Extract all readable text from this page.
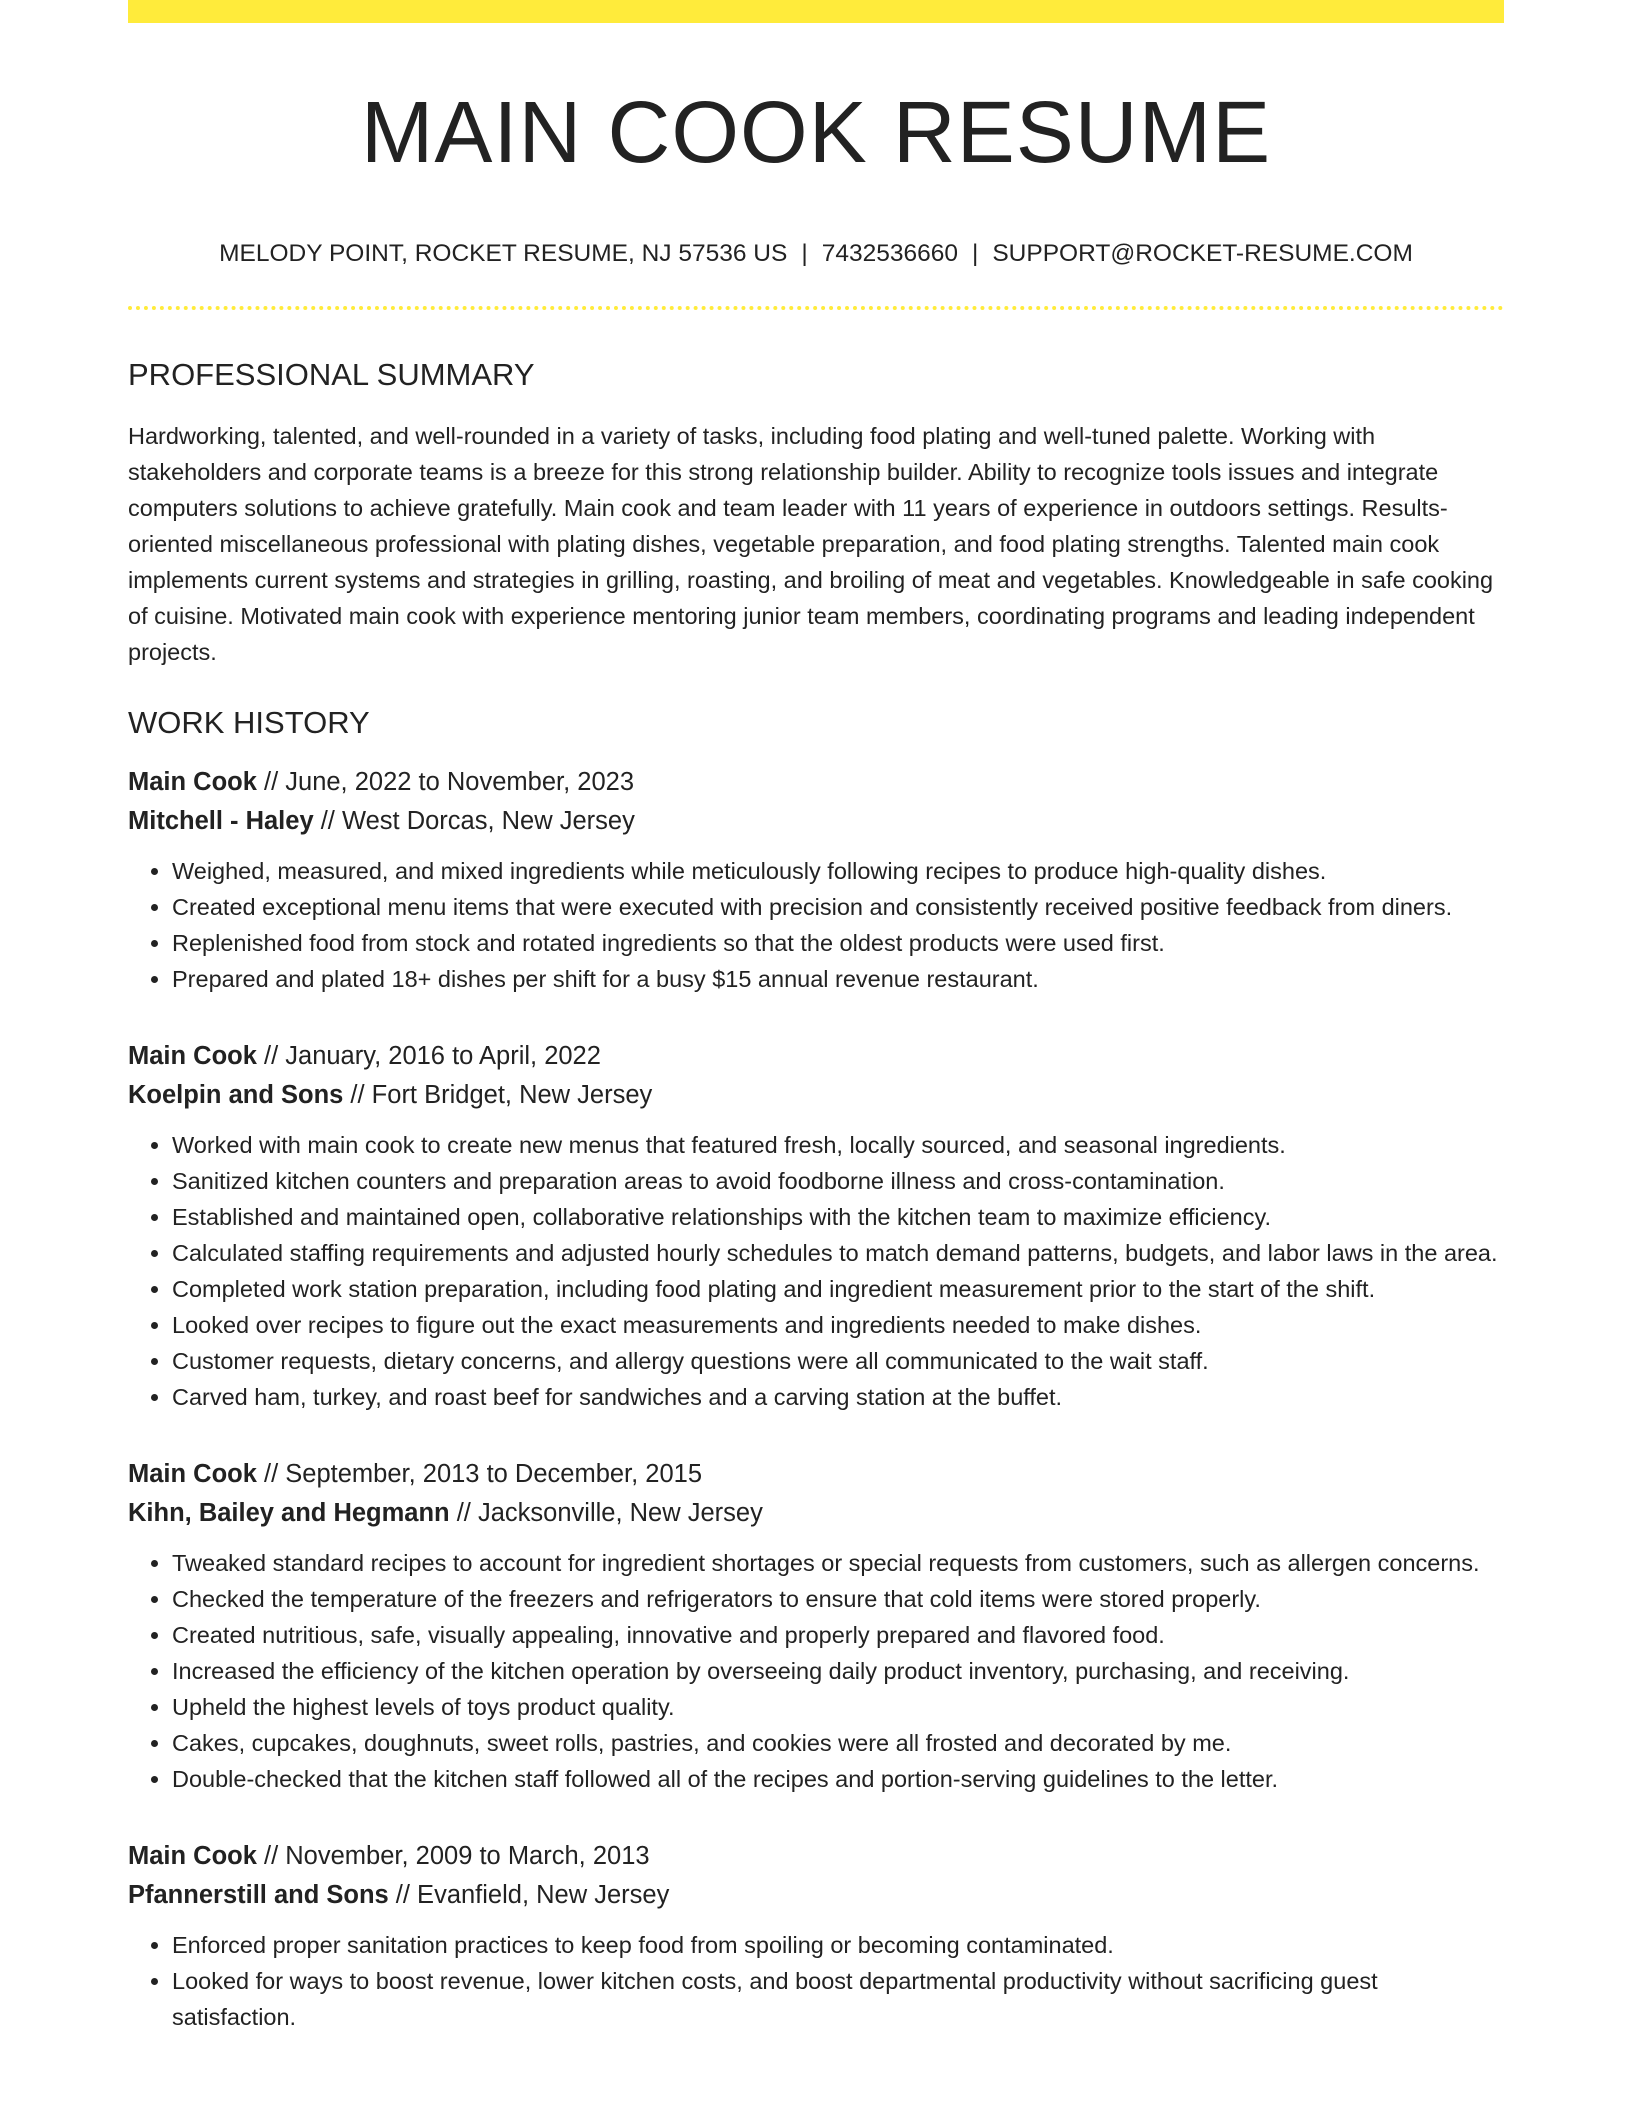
MAIN COOK RESUME
MELODY POINT, ROCKET RESUME, NJ 57536 US | 7432536660 | SUPPORT@ROCKET-RESUME.COM
PROFESSIONAL SUMMARY
Hardworking, talented, and well-rounded in a variety of tasks, including food plating and well-tuned palette. Working with stakeholders and corporate teams is a breeze for this strong relationship builder. Ability to recognize tools issues and integrate computers solutions to achieve gratefully. Main cook and team leader with 11 years of experience in outdoors settings. Results-oriented miscellaneous professional with plating dishes, vegetable preparation, and food plating strengths. Talented main cook implements current systems and strategies in grilling, roasting, and broiling of meat and vegetables. Knowledgeable in safe cooking of cuisine. Motivated main cook with experience mentoring junior team members, coordinating programs and leading independent projects.
WORK HISTORY
Main Cook // June, 2022 to November, 2023
Mitchell - Haley // West Dorcas, New Jersey
• Weighed, measured, and mixed ingredients while meticulously following recipes to produce high-quality dishes.
• Created exceptional menu items that were executed with precision and consistently received positive feedback from diners.
• Replenished food from stock and rotated ingredients so that the oldest products were used first.
• Prepared and plated 18+ dishes per shift for a busy $15 annual revenue restaurant.
Main Cook // January, 2016 to April, 2022
Koelpin and Sons // Fort Bridget, New Jersey
• Worked with main cook to create new menus that featured fresh, locally sourced, and seasonal ingredients.
• Sanitized kitchen counters and preparation areas to avoid foodborne illness and cross-contamination.
• Established and maintained open, collaborative relationships with the kitchen team to maximize efficiency.
• Calculated staffing requirements and adjusted hourly schedules to match demand patterns, budgets, and labor laws in the area.
• Completed work station preparation, including food plating and ingredient measurement prior to the start of the shift.
• Looked over recipes to figure out the exact measurements and ingredients needed to make dishes.
• Customer requests, dietary concerns, and allergy questions were all communicated to the wait staff.
• Carved ham, turkey, and roast beef for sandwiches and a carving station at the buffet.
Main Cook // September, 2013 to December, 2015
Kihn, Bailey and Hegmann // Jacksonville, New Jersey
• Tweaked standard recipes to account for ingredient shortages or special requests from customers, such as allergen concerns.
• Checked the temperature of the freezers and refrigerators to ensure that cold items were stored properly.
• Created nutritious, safe, visually appealing, innovative and properly prepared and flavored food.
• Increased the efficiency of the kitchen operation by overseeing daily product inventory, purchasing, and receiving.
• Upheld the highest levels of toys product quality.
• Cakes, cupcakes, doughnuts, sweet rolls, pastries, and cookies were all frosted and decorated by me.
• Double-checked that the kitchen staff followed all of the recipes and portion-serving guidelines to the letter.
Main Cook // November, 2009 to March, 2013
Pfannerstill and Sons // Evanfield, New Jersey
• Enforced proper sanitation practices to keep food from spoiling or becoming contaminated.
• Looked for ways to boost revenue, lower kitchen costs, and boost departmental productivity without sacrificing guest satisfaction.
